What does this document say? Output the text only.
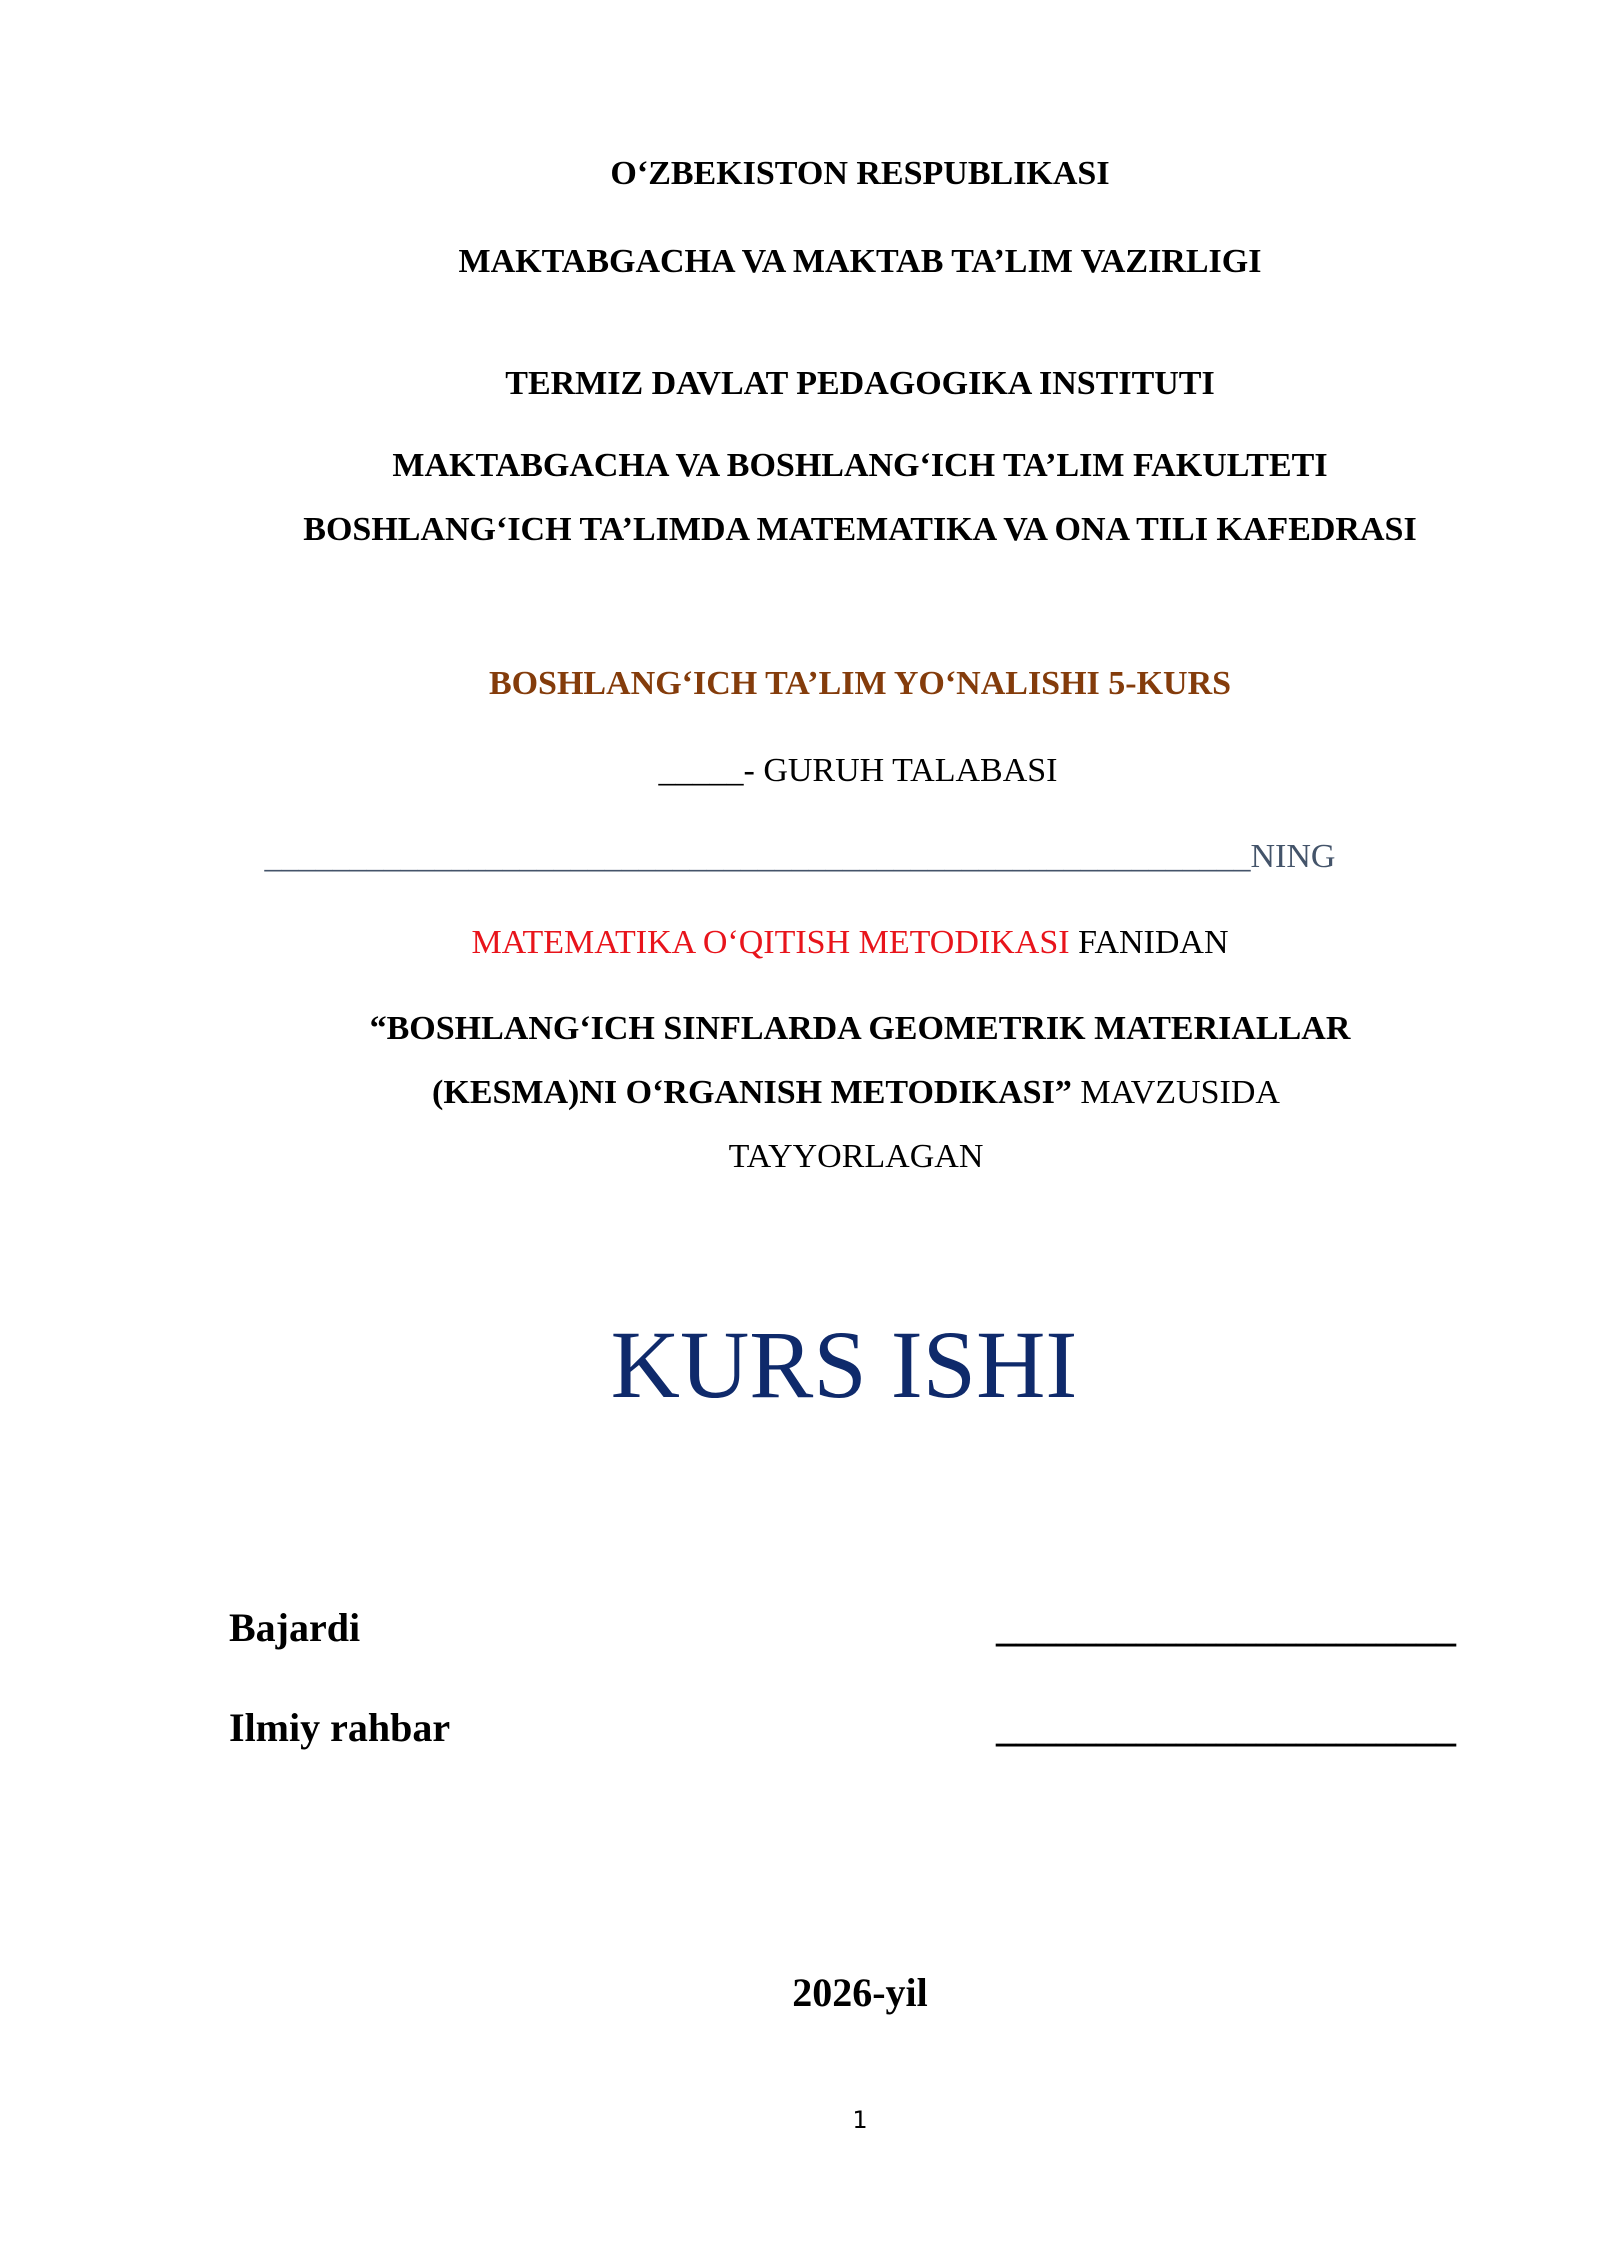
O‘ZBEKISTON RESPUBLIKASI
MAKTABGACHA VA MAKTAB TA’LIM VAZIRLIGI
TERMIZ DAVLAT PEDAGOGIKA INSTITUTI
MAKTABGACHA VA BOSHLANG‘ICH TA’LIM FAKULTETI
BOSHLANG‘ICH TA’LIMDA MATEMATIKA VA ONA TILI KAFEDRASI
BOSHLANG‘ICH TA’LIM YO‘NALISHI 5-KURS
_____- GURUH TALABASI
__________________________________________________________NING
MATEMATIKA O‘QITISH METODIKASI FANIDAN
“BOSHLANG‘ICH SINFLARDA GEOMETRIK MATERIALLAR
(KESMA)NI O‘RGANISH METODIKASI” MAVZUSIDA
TAYYORLAGAN
KURS ISHI
Bajardi	_______________________
Ilmiy rahbar	_______________________
2026-yil
1
